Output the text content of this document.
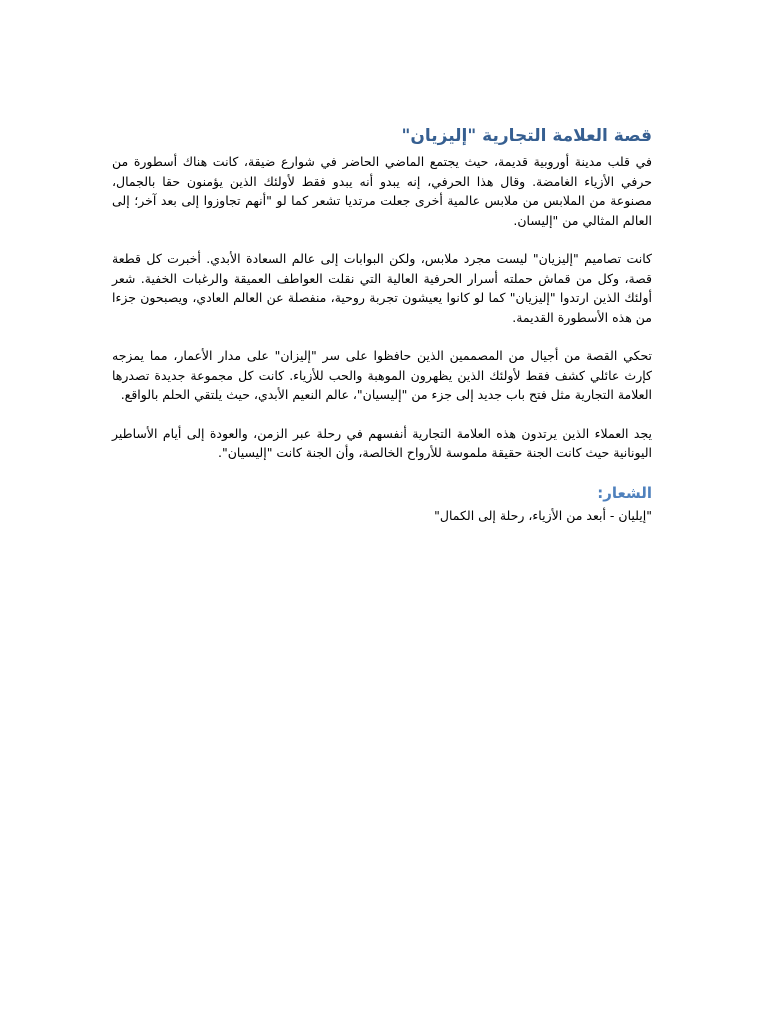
قصة العلامة التجارية "إليزيان"

في قلب مدينة أوروبية قديمة، حيث يجتمع الماضي الحاضر في شوارع ضيقة، كانت هناك أسطورة من حرفي الأزياء الغامضة. وقال هذا الحرفي، إنه يبدو أنه يبدو فقط لأولئك الذين يؤمنون حقا بالجمال، مصنوعة من الملابس من ملابس عالمية أخرى جعلت مرتديا تشعر كما لو "أنهم تجاوزوا إلى بعد آخر؛ إلى العالم المثالي من "إليسان.

كانت تصاميم "إليزيان" ليست مجرد ملابس، ولكن البوابات إلى عالم السعادة الأبدي. أخبرت كل قطعة قصة، وكل من قماش حملته أسرار الحرفية العالية التي نقلت العواطف العميقة والرغبات الخفية. شعر أولئك الذين ارتدوا "إليزيان" كما لو كانوا يعيشون تجربة روحية، منفصلة عن العالم العادي، ويصبحون جزءا من هذه الأسطورة القديمة.

تحكي القصة من أجيال من المصممين الذين حافظوا على سر "إليزان" على مدار الأعمار، مما يمزجه كإرث عائلي كشف فقط لأولئك الذين يظهرون الموهبة والحب للأزياء. كانت كل مجموعة جديدة تصدرها العلامة التجارية مثل فتح باب جديد إلى جزء من "إليسيان"، عالم النعيم الأبدي، حيث يلتقي الحلم بالواقع.

يجد العملاء الذين يرتدون هذه العلامة التجارية أنفسهم في رحلة عبر الزمن، والعودة إلى أيام الأساطير اليونانية حيث كانت الجنة حقيقة ملموسة للأرواح الخالصة، وأن الجنة كانت "إليسيان".

الشعار:

"إيليان - أبعد من الأزياء، رحلة إلى الكمال"
